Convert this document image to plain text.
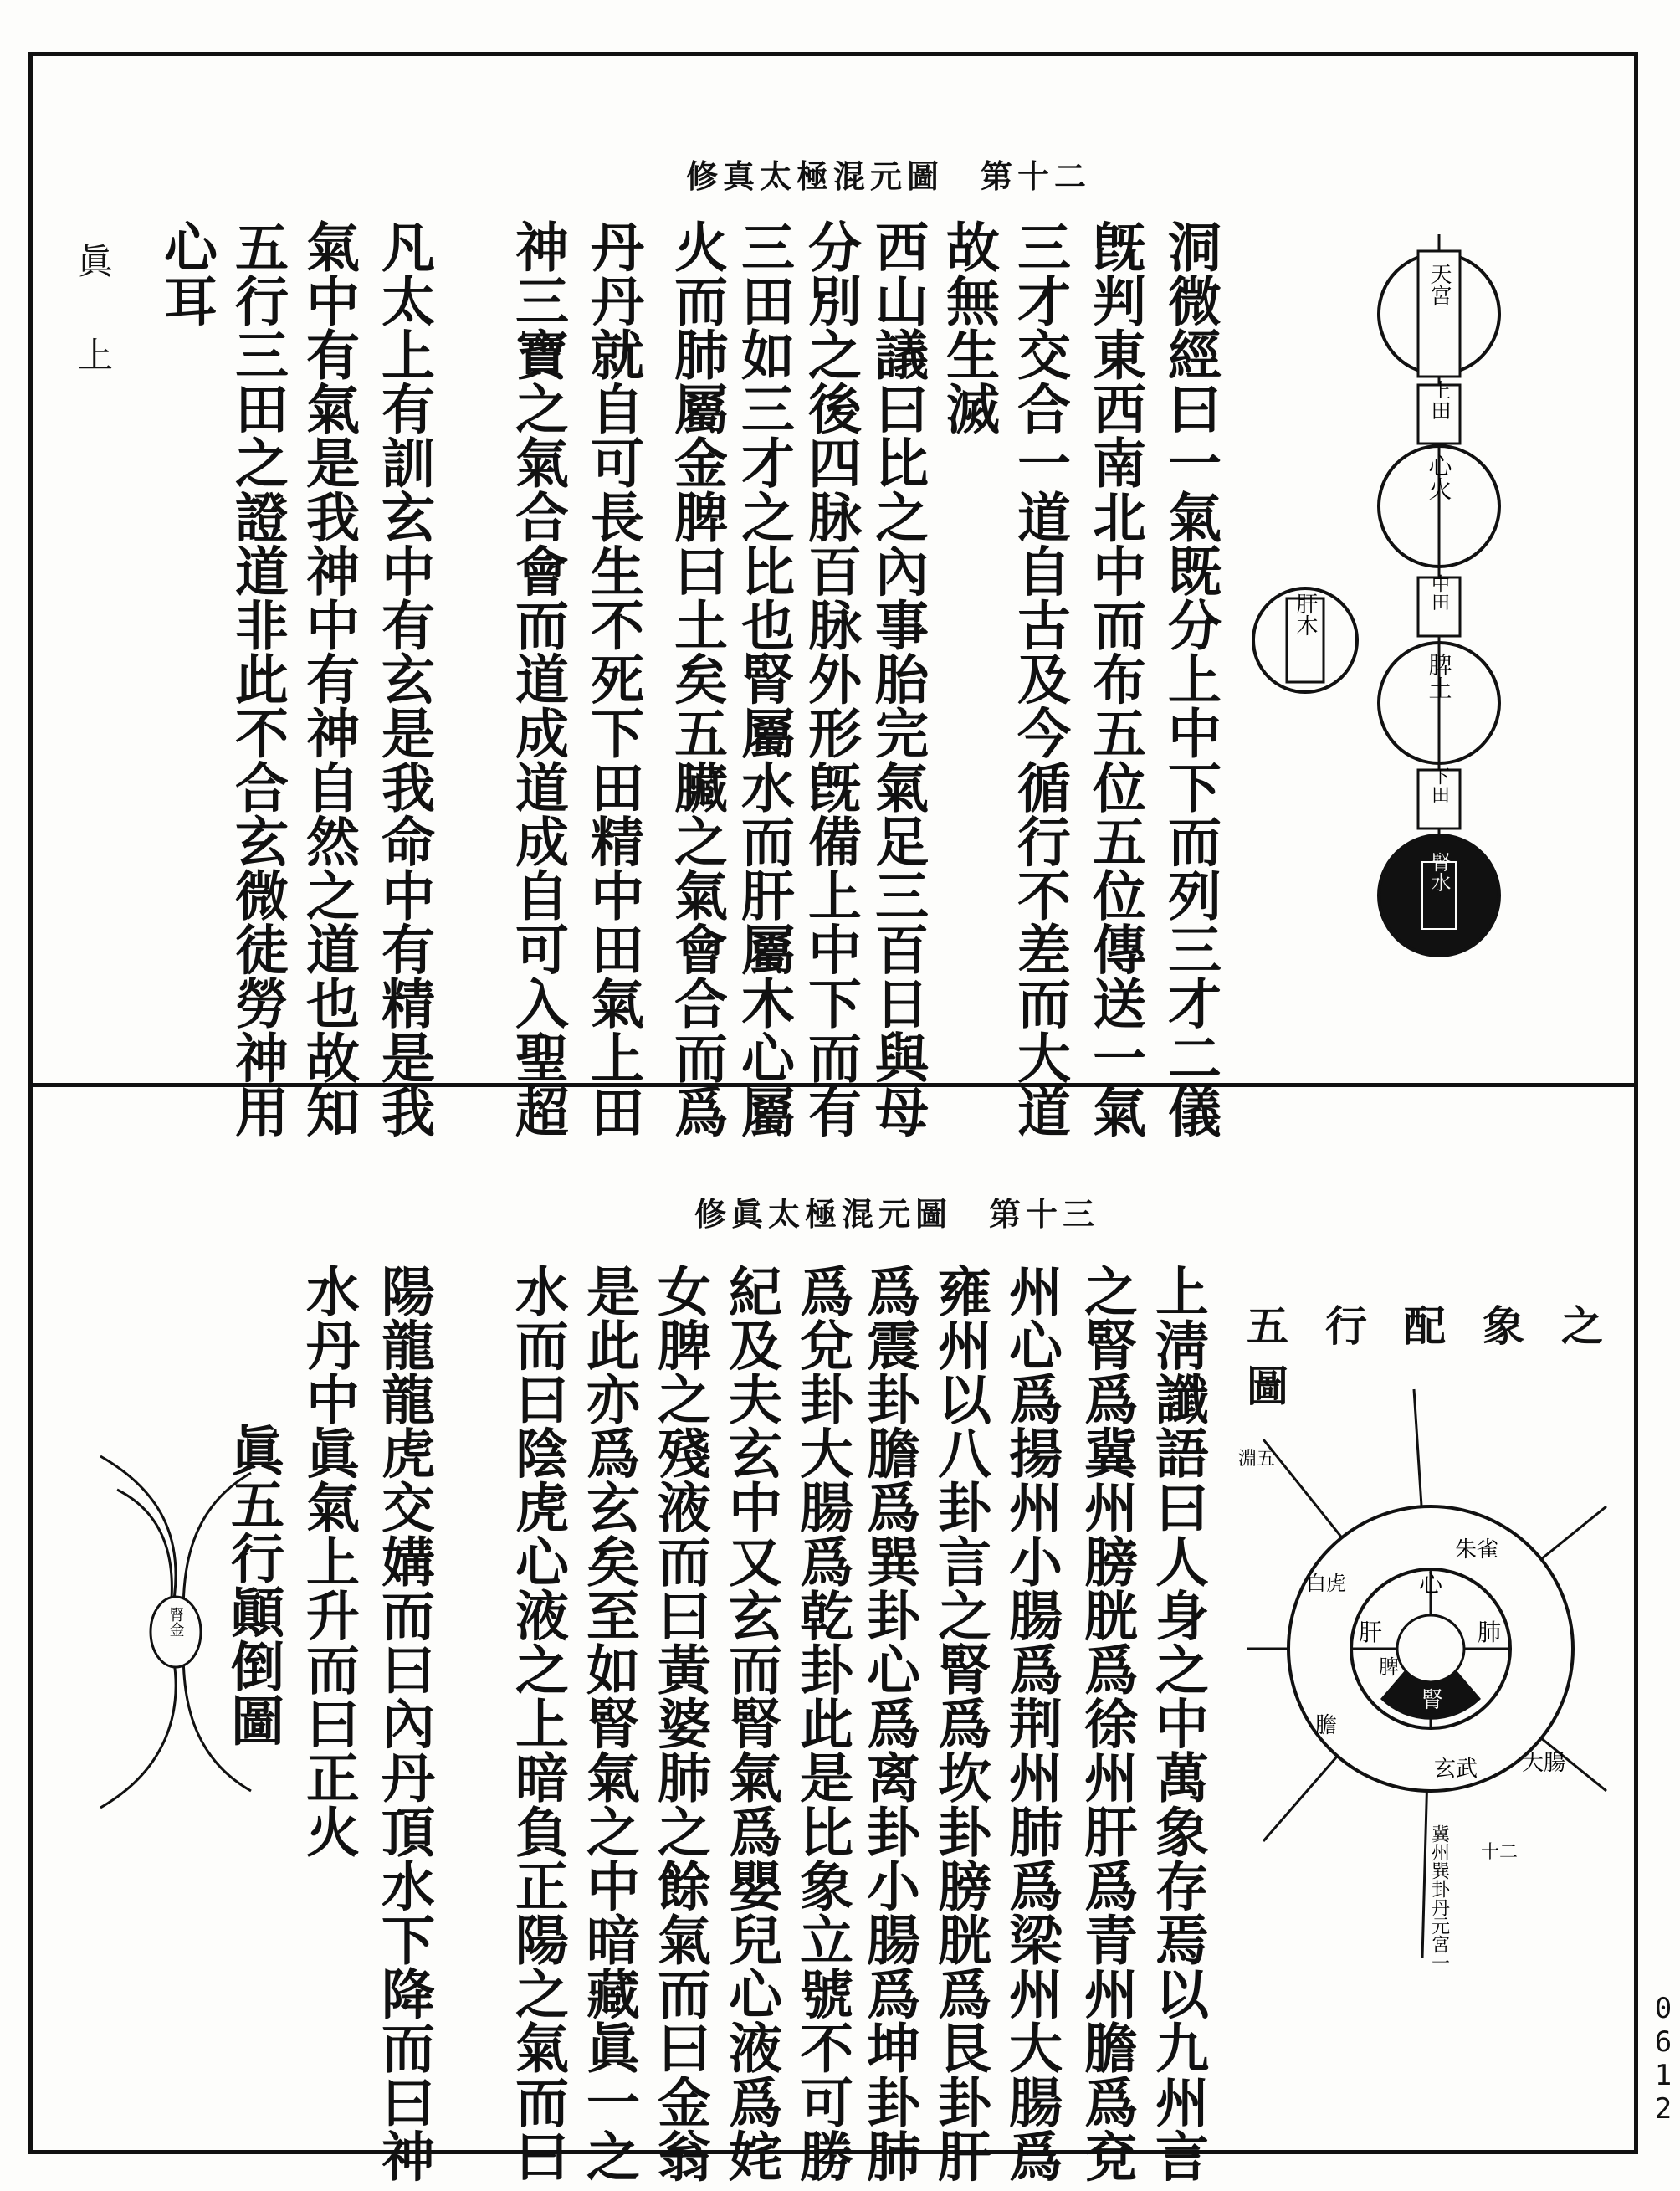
修真太極混元圖　第十二
洞微經曰一氣既分上中下而列三才二儀
旣判東西南北中而布五位五位傳送一氣
三才交合一道自古及今循行不差而大道
故無生滅
西山議曰比之內事胎完氣足三百日與母
分別之後四脉百脉外形旣備上中下而有
三田如三才之比也腎屬水而肝屬木心屬
火而肺屬金脾曰土矣五臟之氣會合而爲
丹丹就自可長生不死下田精中田氣上田
神三寶之氣合會而道成道成自可入聖超
凡太上有訓玄中有玄是我命中有精是我
氣中有氣是我神中有神自然之道也故知
五行三田之證道非此不合玄微徒勞神用
心耳
眞　上	天宮
上田
心火
中田
脾土
下田
腎水
肝木
修眞太極混元圖　第十三
上淸讖語曰人身之中萬象存焉以九州言
之腎爲冀州膀胱爲徐州肝爲青州膽爲兗
州心爲揚州小腸爲荆州肺爲梁州大腸爲
雍州以八卦言之腎爲坎卦膀胱爲艮卦肝
爲震卦膽爲巽卦心爲离卦小腸爲坤卦肺
爲兌卦大腸爲乾卦此是比象立號不可勝
紀及夫玄中又玄而腎氣爲嬰兒心液爲姹
女脾之殘液而曰黃婆肺之餘氣而曰金翁
是此亦爲玄矣至如腎氣之中暗藏眞一之
水而曰陰虎心液之上暗負正陽之氣而曰
陽龍龍虎交媾而曰內丹頂水下降而曰神
水丹中眞氣上升而曰正火
眞五行顚倒圖
五行配象之圖
心
腎
肝	肺
脾
玄武 大腸
朱雀
膽
白虎
淵五
十二
冀州巽卦丹元宮一
腎金
0612
